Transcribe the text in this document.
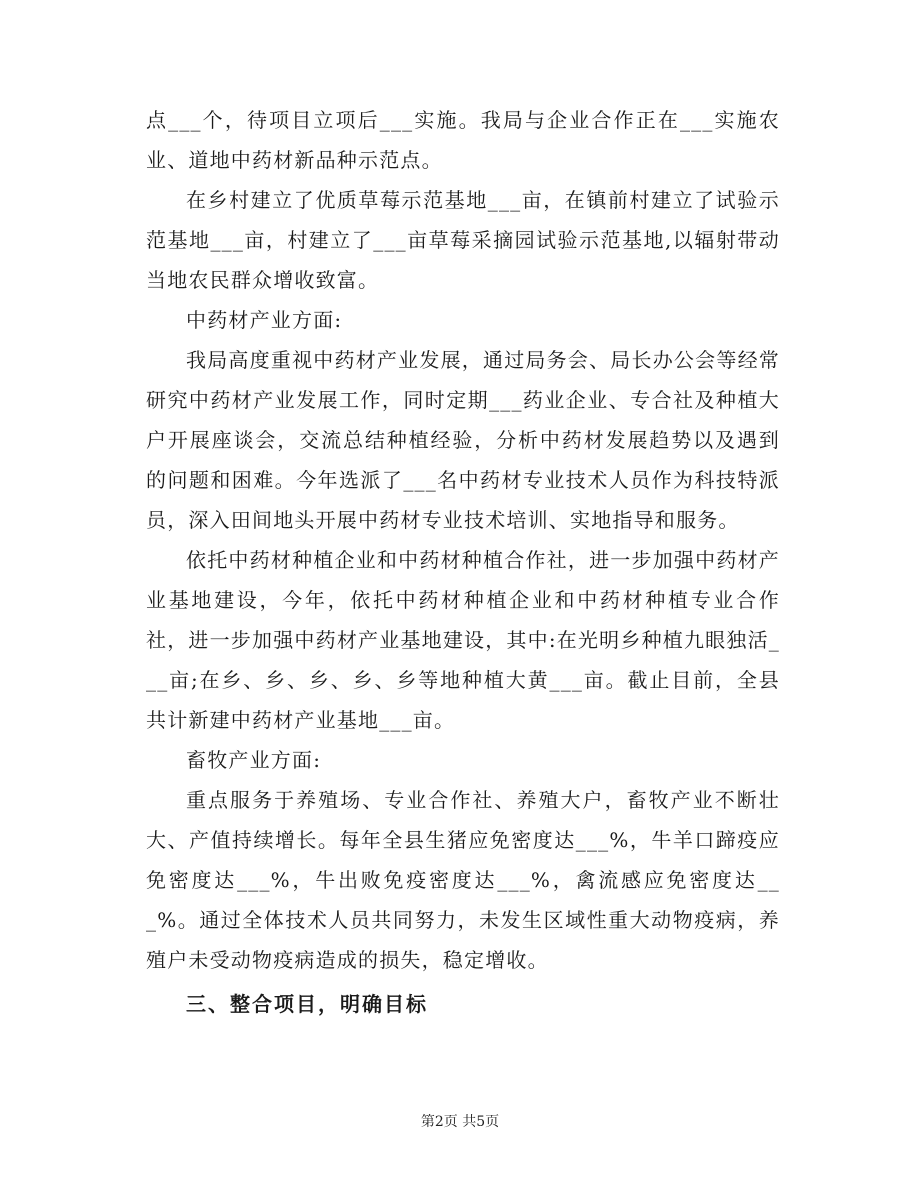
点___个，待项目立项后___实施。我局与企业合作正在___实施农业、道地中药材新品种示范点。

在乡村建立了优质草莓示范基地___亩，在镇前村建立了试验示范基地___亩，村建立了___亩草莓采摘园试验示范基地,以辐射带动当地农民群众增收致富。

中药材产业方面:

我局高度重视中药材产业发展，通过局务会、局长办公会等经常研究中药材产业发展工作，同时定期___药业企业、专合社及种植大户开展座谈会，交流总结种植经验，分析中药材发展趋势以及遇到的问题和困难。今年选派了___名中药材专业技术人员作为科技特派员，深入田间地头开展中药材专业技术培训、实地指导和服务。

依托中药材种植企业和中药材种植合作社，进一步加强中药材产业基地建设，今年，依托中药材种植企业和中药材种植专业合作社，进一步加强中药材产业基地建设，其中:在光明乡种植九眼独活___亩;在乡、乡、乡、乡、乡等地种植大黄___亩。截止目前，全县共计新建中药材产业基地___亩。

畜牧产业方面:

重点服务于养殖场、专业合作社、养殖大户，畜牧产业不断壮大、产值持续增长。每年全县生猪应免密度达___%，牛羊口蹄疫应免密度达___%，牛出败免疫密度达___%，禽流感应免密度达___%。通过全体技术人员共同努力，未发生区域性重大动物疫病，养殖户未受动物疫病造成的损失，稳定增收。

三、整合项目，明确目标

第2页 共5页
